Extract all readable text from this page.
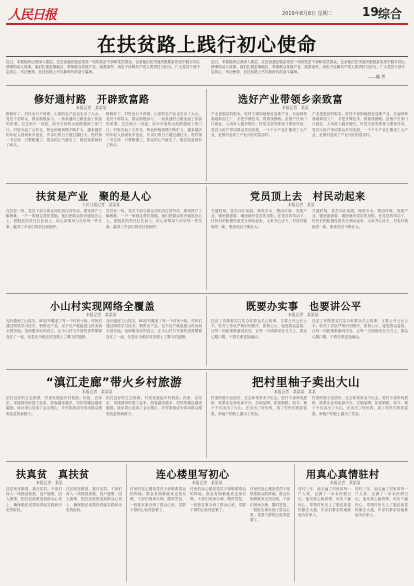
人民日报	2019年8月8日 星期二 19 综合
在扶贫路上践行初心使命
近日，本报组织记者深入基层，走近奋战在脱贫攻坚一线的扶贫干部和党员群众，记录他们在决战决胜脱贫攻坚中践行初心使命的动人故事。他们扎根贫困地区，带领群众发展产业、改善条件，用实干诠释共产党人的责任与担当。广大党员干部不忘初心、牢记使命，在扶贫路上书写新时代的奋斗篇章。
近日，本报组织记者深入基层，走近奋战在脱贫攻坚一线的扶贫干部和党员群众，记录他们在决战决胜脱贫攻坚中践行初心使命的动人故事。他们扎根贫困地区，带领群众发展产业、改善条件，用实干诠释共产党人的责任与担当。广大党员干部不忘初心、牢记使命，在扶贫路上书写新时代的奋斗篇章。
——编 者
修好通村路　开辟致富路
本报记者　某某某
路修好了，村民出行不再难，山里的农产品也走出了大山。党员干部带头，群众积极参与，一条条通村公路连起了致富的希望。过去雨天一身泥，如今平坦的水泥路通到了家门口。村里办起了合作社，特色种植规模不断扩大，越来越多的年轻人回到家乡创业，乡亲们的日子越过越红火。驻村第一书记说：只要路通了，群众的心气就足了，脱贫致富就有了盼头。
路修好了，村民出行不再难，山里的农产品也走出了大山。党员干部带头，群众积极参与，一条条通村公路连起了致富的希望。过去雨天一身泥，如今平坦的水泥路通到了家门口。村里办起了合作社，特色种植规模不断扩大，越来越多的年轻人回到家乡创业，乡亲们的日子越过越红火。驻村第一书记说：只要路通了，群众的心气就足了，脱贫致富就有了盼头。
选好产业带领乡亲致富
本报记者　某某
产业是脱贫的根本。驻村干部因地制宜选准产业，办起种养基地和加工厂，手把手教技术，帮着找销路。贫困户在家门口就业，人均收入稳步增长。村党支部发挥战斗堡垒作用，党员示范户带动群众共同发展，一个个小产业汇聚成了大产业，贫困村变成了产业兴旺的富裕村。
产业是脱贫的根本。驻村干部因地制宜选准产业，办起种养基地和加工厂，手把手教技术，帮着找销路。贫困户在家门口就业，人均收入稳步增长。村党支部发挥战斗堡垒作用，党员示范户带动群众共同发展，一个个小产业汇聚成了大产业，贫困村变成了产业兴旺的富裕村。
扶贫是产业　聚的是人心
人民日报记者　某某某
在扶贫一线，党员干部与群众同吃同住同劳动，挨家挨户了解困难，一户一策制定帮扶措施。他们把群众的冷暖放在心上，把脱贫的责任扛在肩上，用心用情用力办好每一件实事，赢得了乡亲们的信任和拥护。
在扶贫一线，党员干部与群众同吃同住同劳动，挨家挨户了解困难，一户一策制定帮扶措施。他们把群众的冷暖放在心上，把脱贫的责任扛在肩上，用心用情用力办好每一件实事，赢得了乡亲们的信任和拥护。
党员顶上去　村民动起来
本报记者　某某
关键时刻，党员冲在前面。修渠引水、整治环境、发展产业，哪里最需要，哪里就有党员的身影。在党员的带动下，村民们的积极性被充分调动起来，大家齐心协力，村容村貌焕然一新，集体经济不断壮大。
关键时刻，党员冲在前面。修渠引水、整治环境、发展产业，哪里最需要，哪里就有党员的身影。在党员的带动下，村民们的积极性被充分调动起来，大家齐心协力，村容村貌焕然一新，集体经济不断壮大。
小山村实现网络全覆盖
本报记者　某某某
光纤通到了山沟沟，4G信号覆盖了每一个村民小组。村民们通过网络学习技术、销售农产品，足不出户就能把山货卖到全国各地。电商服务站的设立，让小山村与外面的世界紧紧连在了一起，信息化为脱贫攻坚插上了腾飞的翅膀。
光纤通到了山沟沟，4G信号覆盖了每一个村民小组。村民们通过网络学习技术、销售农产品，足不出户就能把山货卖到全国各地。电商服务站的设立，让小山村与外面的世界紧紧连在了一起，信息化为脱贫攻坚插上了腾飞的翅膀。
既要办实事　也要讲公平
本报记者　某某某
扶贫工作既要实打实办好群众关心的事，又要公开公正公平。驻村工作队严格识别程序，张榜公示，接受群众监督，让每一项政策都落到实处，让每一分钱都用在刀刃上，群众心服口服，干群关系更加融洽。
扶贫工作既要实打实办好群众关心的事，又要公开公正公平。驻村工作队严格识别程序，张榜公示，接受群众监督，让每一项政策都落到实处，让每一分钱都用在刀刃上，群众心服口服，干群关系更加融洽。
“滇江走廊”带火乡村旅游
本报记者　某某某
依托良好的生态资源，村里发展起乡村旅游。民宿、农家乐、采摘园纷纷建了起来，游客越来越多，村民的腰包越来越鼓。绿水青山变成了金山银山，乡村旅游成为带动群众增收致富的新路子。
依托良好的生态资源，村里发展起乡村旅游。民宿、农家乐、采摘园纷纷建了起来，游客越来越多，村民的腰包越来越鼓。绿水青山变成了金山银山，乡村旅游成为带动群众增收致富的新路子。
把村里柚子卖出大山
本报记者　某某某　某某
村里的柚子品质好，过去却常常卖不出去。驻村干部牵线搭桥，联系企业和电商平台，打响品牌，拓宽销路。如今，柚子不仅卖出了大山，还卖出了好价钱，成了村民们的致富果，种植户的脸上露出了笑容。
村里的柚子品质好，过去却常常卖不出去。驻村干部牵线搭桥，联系企业和电商平台，打响品牌，拓宽销路。如今，柚子不仅卖出了大山，还卖出了好价钱，成了村民们的致富果，种植户的脸上露出了笑容。
扶真贫　真扶贫
本报记者　某某
扶贫贵在精准，重在实效。干部们深入一线摸清底数，因户施策、因人施策，把扶贫政策送到群众心坎上，确保脱贫成果经得起实践和历史的检验。
扶贫贵在精准，重在实效。干部们深入一线摸清底数，因户施策、因人施策，把扶贫政策送到群众心坎上，确保脱贫成果经得起实践和历史的检验。
连心楼里写初心
本报记者　某某某
村里的连心楼是党员干部联系群众的阵地。群众有困难就来这里反映，干部们现场办理、限时答复，一桩桩实事办到了群众心里，党群干群的心贴得更紧了。
村里的连心楼是党员干部联系群众的阵地。群众有困难就来这里反映，干部们现场办理、限时答复，一桩桩实事办到了群众心里，党群干群的心贴得更紧了。
村里的连心楼是党员干部联系群众的阵地。群众有困难就来这里反映，干部们现场办理、限时答复，一桩桩实事办到了群众心里，党群干群的心贴得更紧了。
用真心真情驻村
本报记者　某某某
驻村三年，他走遍了村里的每一户人家，记满了一本本民情日记。他用真心换真情，用实干赢民心，带领村民走上了脱贫致富的康庄大道，乡亲们都亲切地称他为自家人。
驻村三年，他走遍了村里的每一户人家，记满了一本本民情日记。他用真心换真情，用实干赢民心，带领村民走上了脱贫致富的康庄大道，乡亲们都亲切地称他为自家人。
